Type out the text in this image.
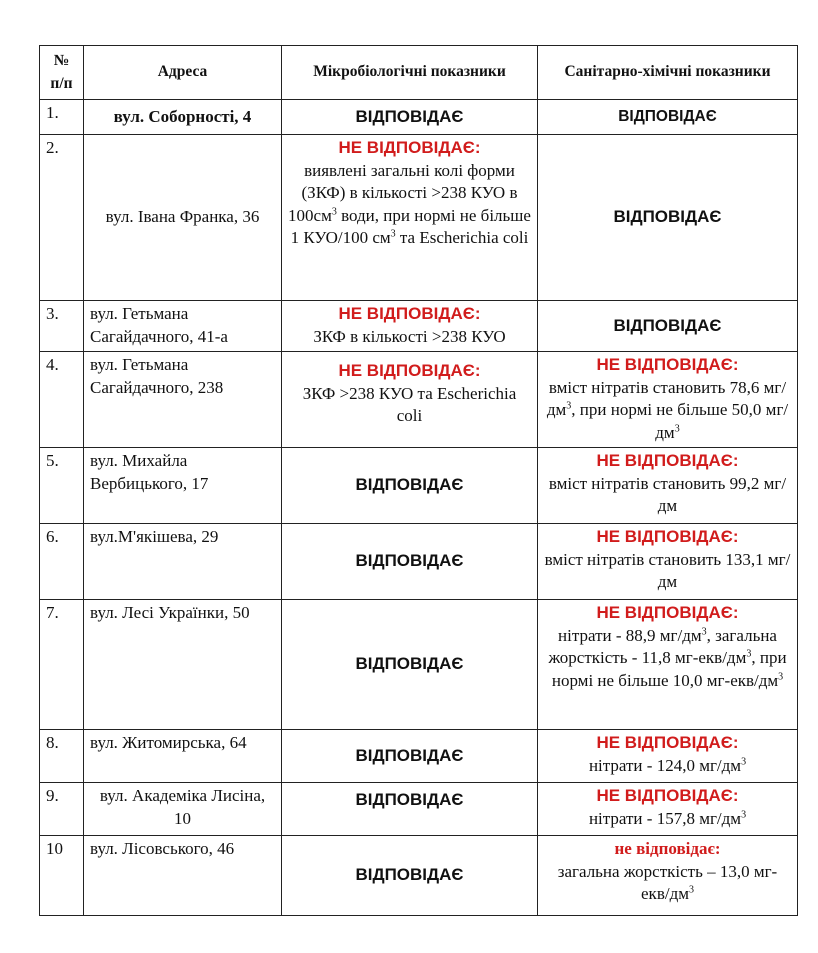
№ п/п	Адреса	Мікробіологічні показники	Санітарно-хімічні показники
1.	вул. Соборності, 4	ВІДПОВІДАЄ	ВІДПОВІДАЄ
2.	вул. Івана Франка, 36	НЕ ВІДПОВІДАЄ:
виявлені загальні колі форми (ЗКФ) в кількості >238 КУО в $100см^3$ води, при нормі не більше 1 КУО/100 $см^3$ та Escherichia coli	ВІДПОВІДАЄ
3.	вул. Гетьмана Сагайдачного, 41-а	НЕ ВІДПОВІДАЄ:
ЗКФ в кількості >238 КУО	ВІДПОВІДАЄ
4.	вул. Гетьмана Сагайдачного, 238	НЕ ВІДПОВІДАЄ:
ЗКФ >238 КУО та Escherichia coli	НЕ ВІДПОВІДАЄ:
вміст нітратів становить 78,6 $мг/дм^3$, при нормі не більше 50,0 $мг/дм^3$

5.	вул. Михайла Вербицького, 17	ВІДПОВІДАЄ	НЕ ВІДПОВІДАЄ:
вміст нітратів становить 99,2 мг/дм

6.	вул.М'якішева, 29	ВІДПОВІДАЄ	НЕ ВІДПОВІДАЄ:
вміст нітратів становить 133,1 мг/дм

7.	вул. Лесі Українки, 50	ВІДПОВІДАЄ	НЕ ВІДПОВІДАЄ:
нітрати - 88,9 $мг/дм^3$, загальна жорсткість - 11,8 $мг-екв/дм^3$, при нормі не більше 10,0 $мг-екв/дм^3$

8.	вул. Житомирська, 64	ВІДПОВІДАЄ	НЕ ВІДПОВІДАЄ:
нітрати - 124,0 $мг/дм^3$

9.	вул. Академіка Лисіна, 10	ВІДПОВІДАЄ	НЕ ВІДПОВІДАЄ:
нітрати - 157,8 $мг/дм^3$

10	вул. Лісовського, 46	ВІДПОВІДАЄ	не відповідає:
загальна жорсткість – 13,0 $мг-екв/дм^3$
